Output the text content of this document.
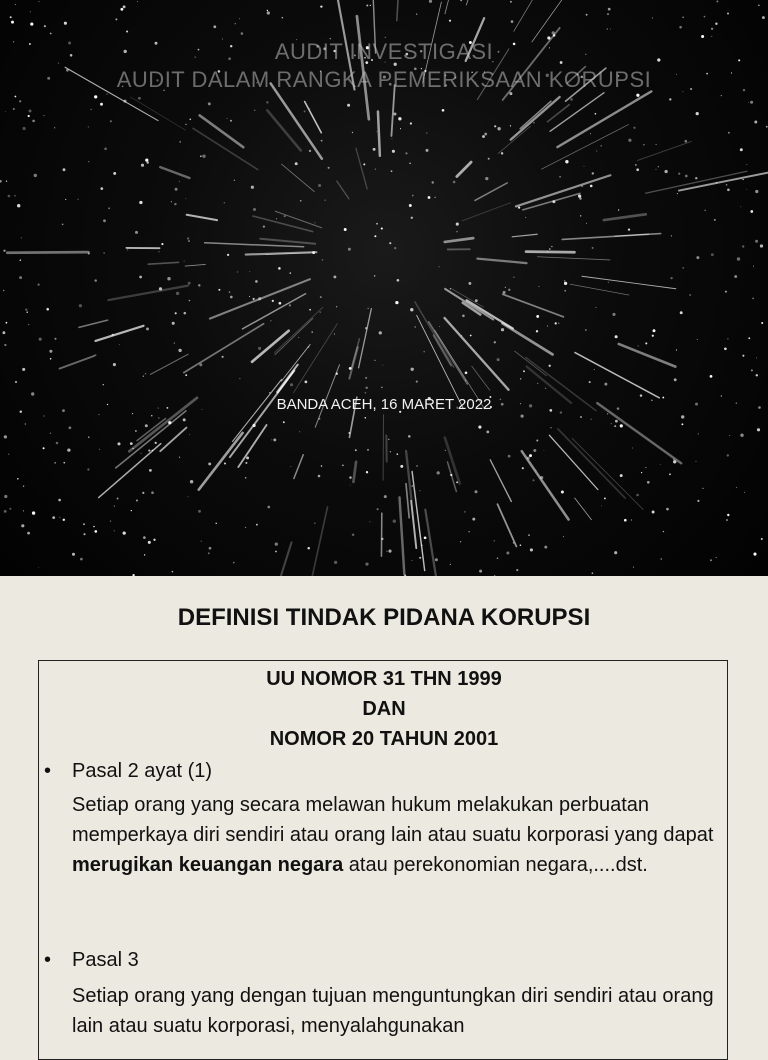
AUDIT INVESTIGASI
AUDIT DALAM RANGKA PEMERIKSAAN KORUPSI
BANDA ACEH, 16 MARET 2022
DEFINISI TINDAK PIDANA KORUPSI
UU NOMOR 31 THN 1999
DAN
NOMOR 20 TAHUN 2001
• Pasal 2 ayat (1)
Setiap orang yang secara melawan hukum melakukan perbuatan memperkaya diri sendiri atau orang lain atau suatu korporasi yang dapat merugikan keuangan negara atau perekonomian negara,....dst.
• Pasal 3
Setiap orang yang dengan tujuan menguntungkan diri sendiri atau orang lain atau suatu korporasi, menyalahgunakan
